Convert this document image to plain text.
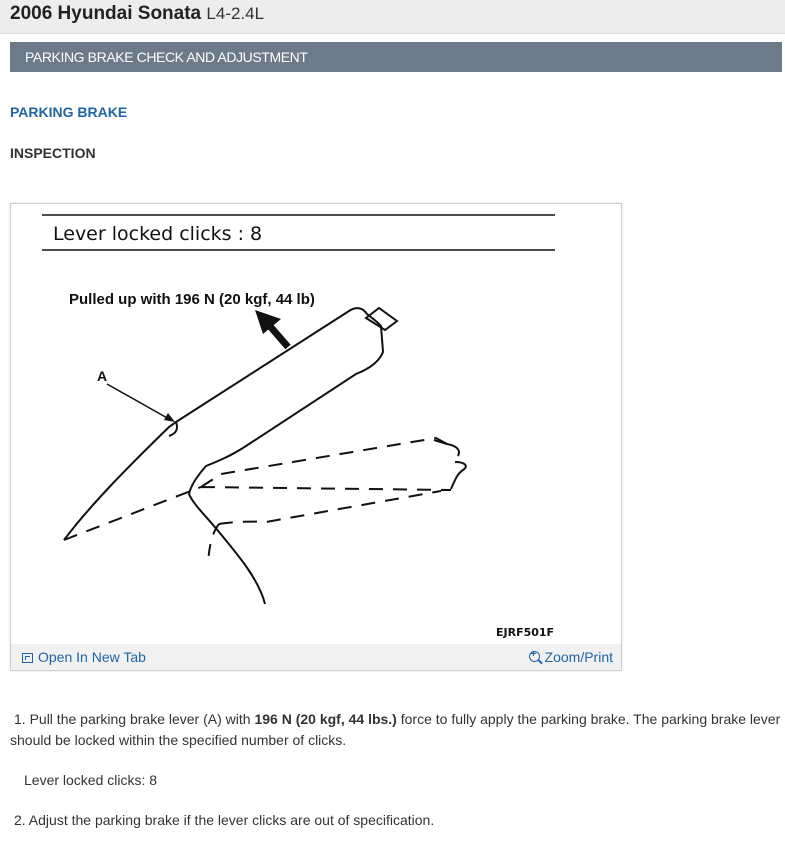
2006 Hyundai Sonata L4-2.4L
PARKING BRAKE CHECK AND ADJUSTMENT
PARKING BRAKE
INSPECTION
Lever locked clicks : 8
Pulled up with 196 N (20 kgf, 44 lb)
A
EJRF501F
Open In New Tab
+	Zoom/Print
1. Pull the parking brake lever (A) with 196 N (20 kgf, 44 lbs.) force to fully apply the parking brake. The parking brake lever should be locked within the specified number of clicks.
Lever locked clicks: 8
2. Adjust the parking brake if the lever clicks are out of specification.
